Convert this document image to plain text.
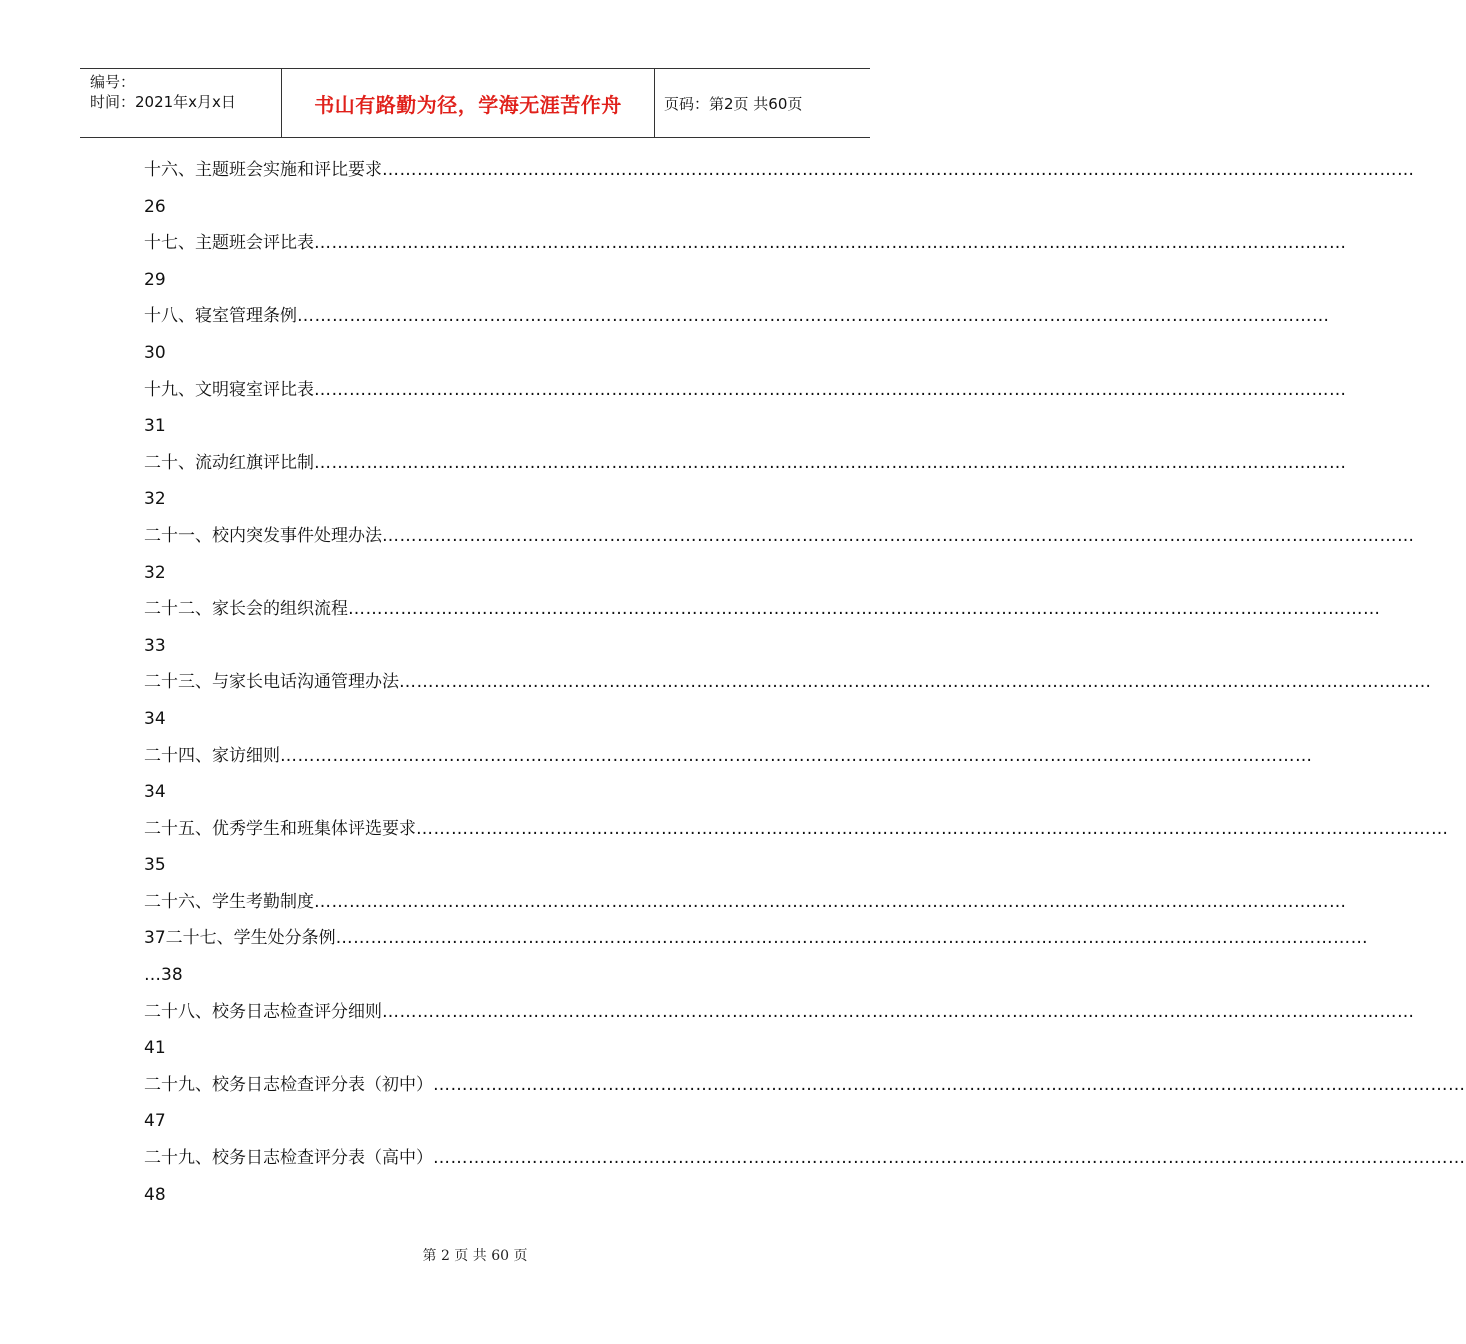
编号：
时间：2021年x月x日	书山有路勤为径，学海无涯苦作舟	页码：第2页 共60页
十六、主题班会实施和评比要求……………………………………………………………………………………………………………………………………………………………
26
十七、主题班会评比表……………………………………………………………………………………………………………………………………………………………
29
十八、寝室管理条例……………………………………………………………………………………………………………………………………………………………
30
十九、文明寝室评比表……………………………………………………………………………………………………………………………………………………………
31
二十、流动红旗评比制……………………………………………………………………………………………………………………………………………………………
32
二十一、校内突发事件处理办法……………………………………………………………………………………………………………………………………………………………
32
二十二、家长会的组织流程……………………………………………………………………………………………………………………………………………………………
33
二十三、与家长电话沟通管理办法……………………………………………………………………………………………………………………………………………………………
34
二十四、家访细则……………………………………………………………………………………………………………………………………………………………
34
二十五、优秀学生和班集体评选要求……………………………………………………………………………………………………………………………………………………………
35
二十六、学生考勤制度……………………………………………………………………………………………………………………………………………………………
37二十七、学生处分条例……………………………………………………………………………………………………………………………………………………………
…38
二十八、校务日志检查评分细则……………………………………………………………………………………………………………………………………………………………
41
二十九、校务日志检查评分表（初中）……………………………………………………………………………………………………………………………………………………………
47
二十九、校务日志检查评分表（高中）……………………………………………………………………………………………………………………………………………………………
48
第 2 页 共 60 页
